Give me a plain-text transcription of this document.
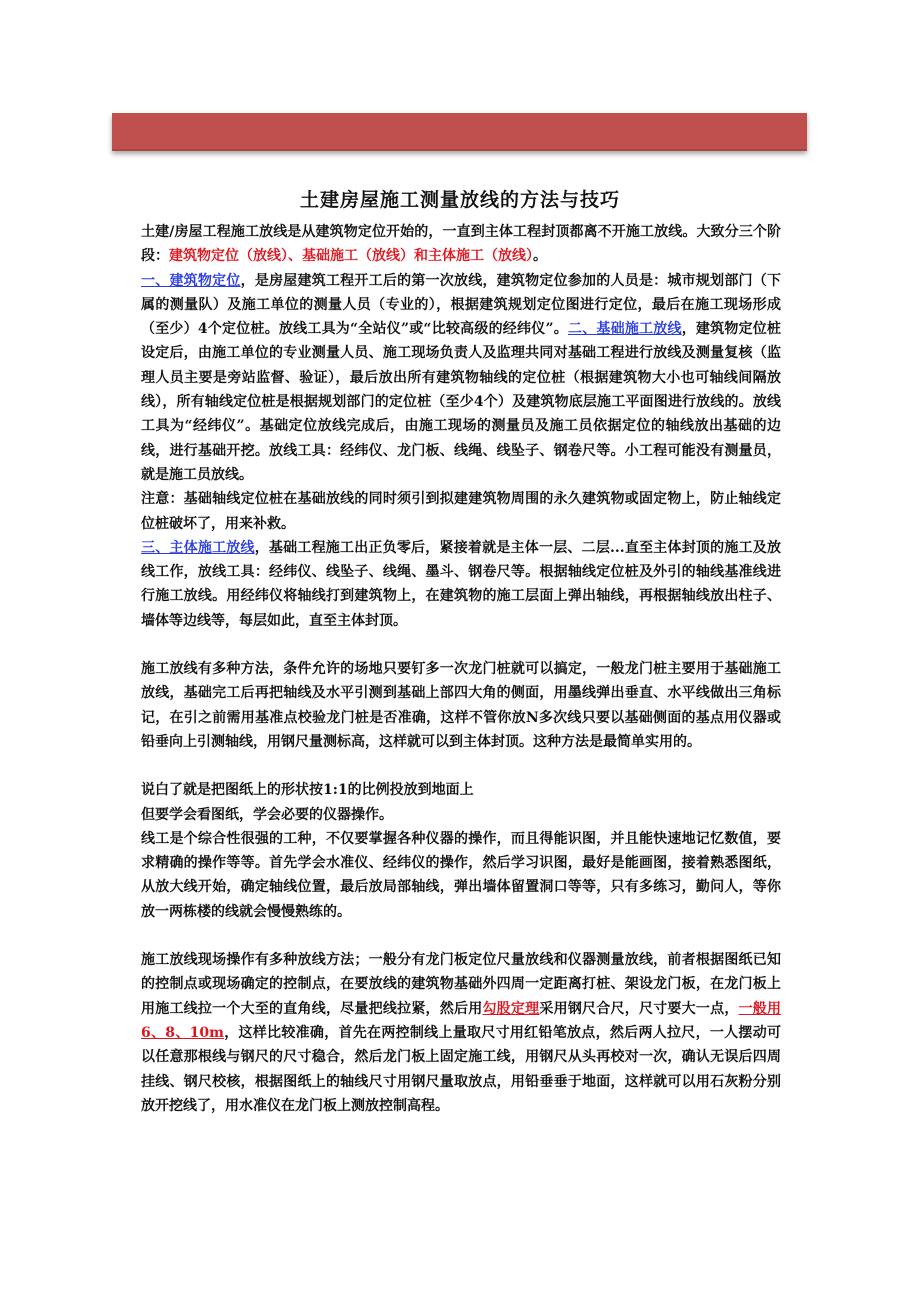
土建房屋施工测量放线的方法与技巧

土建/房屋工程施工放线是从建筑物定位开始的，一直到主体工程封顶都离不开施工放线。大致分三个阶段：建筑物定位（放线）、基础施工（放线）和主体施工（放线）。

一、建筑物定位，是房屋建筑工程开工后的第一次放线，建筑物定位参加的人员是：城市规划部门（下属的测量队）及施工单位的测量人员（专业的），根据建筑规划定位图进行定位，最后在施工现场形成（至少）4个定位桩。放线工具为“全站仪”或“比较高级的经纬仪”。二、基础施工放线，建筑物定位桩设定后，由施工单位的专业测量人员、施工现场负责人及监理共同对基础工程进行放线及测量复核（监理人员主要是旁站监督、验证），最后放出所有建筑物轴线的定位桩（根据建筑物大小也可轴线间隔放线），所有轴线定位桩是根据规划部门的定位桩（至少4个）及建筑物底层施工平面图进行放线的。放线工具为“经纬仪”。基础定位放线完成后，由施工现场的测量员及施工员依据定位的轴线放出基础的边线，进行基础开挖。放线工具：经纬仪、龙门板、线绳、线坠子、钢卷尺等。小工程可能没有测量员，就是施工员放线。

注意：基础轴线定位桩在基础放线的同时须引到拟建建筑物周围的永久建筑物或固定物上，防止轴线定位桩破坏了，用来补救。

三、主体施工放线，基础工程施工出正负零后，紧接着就是主体一层、二层...直至主体封顶的施工及放线工作，放线工具：经纬仪、线坠子、线绳、墨斗、钢卷尺等。根据轴线定位桩及外引的轴线基准线进行施工放线。用经纬仪将轴线打到建筑物上，在建筑物的施工层面上弹出轴线，再根据轴线放出柱子、墙体等边线等，每层如此，直至主体封顶。

施工放线有多种方法，条件允许的场地只要钉多一次龙门桩就可以搞定，一般龙门桩主要用于基础施工放线，基础完工后再把轴线及水平引测到基础上部四大角的侧面，用墨线弹出垂直、水平线做出三角标记，在引之前需用基准点校验龙门桩是否准确，这样不管你放N多次线只要以基础侧面的基点用仪器或铅垂向上引测轴线，用钢尺量测标高，这样就可以到主体封顶。这种方法是最简单实用的。

说白了就是把图纸上的形状按1:1的比例投放到地面上

但要学会看图纸，学会必要的仪器操作。

线工是个综合性很强的工种，不仅要掌握各种仪器的操作，而且得能识图，并且能快速地记忆数值，要求精确的操作等等。首先学会水准仪、经纬仪的操作，然后学习识图，最好是能画图，接着熟悉图纸，从放大线开始，确定轴线位置，最后放局部轴线，弹出墙体留置洞口等等，只有多练习，勤问人，等你放一两栋楼的线就会慢慢熟练的。

施工放线现场操作有多种放线方法；一般分有龙门板定位尺量放线和仪器测量放线，前者根据图纸已知的控制点或现场确定的控制点，在要放线的建筑物基础外四周一定距离打桩、架设龙门板，在龙门板上用施工线拉一个大至的直角线，尽量把线拉紧，然后用勾股定理采用钢尺合尺，尺寸要大一点，一般用6、8、10m，这样比较准确，首先在两控制线上量取尺寸用红铅笔放点，然后两人拉尺，一人摆动可以任意那根线与钢尺的尺寸稳合，然后龙门板上固定施工线，用钢尺从头再校对一次，确认无误后四周挂线、钢尺校核，根据图纸上的轴线尺寸用钢尺量取放点，用铅垂垂于地面，这样就可以用石灰粉分别放开挖线了，用水准仪在龙门板上测放控制高程。
